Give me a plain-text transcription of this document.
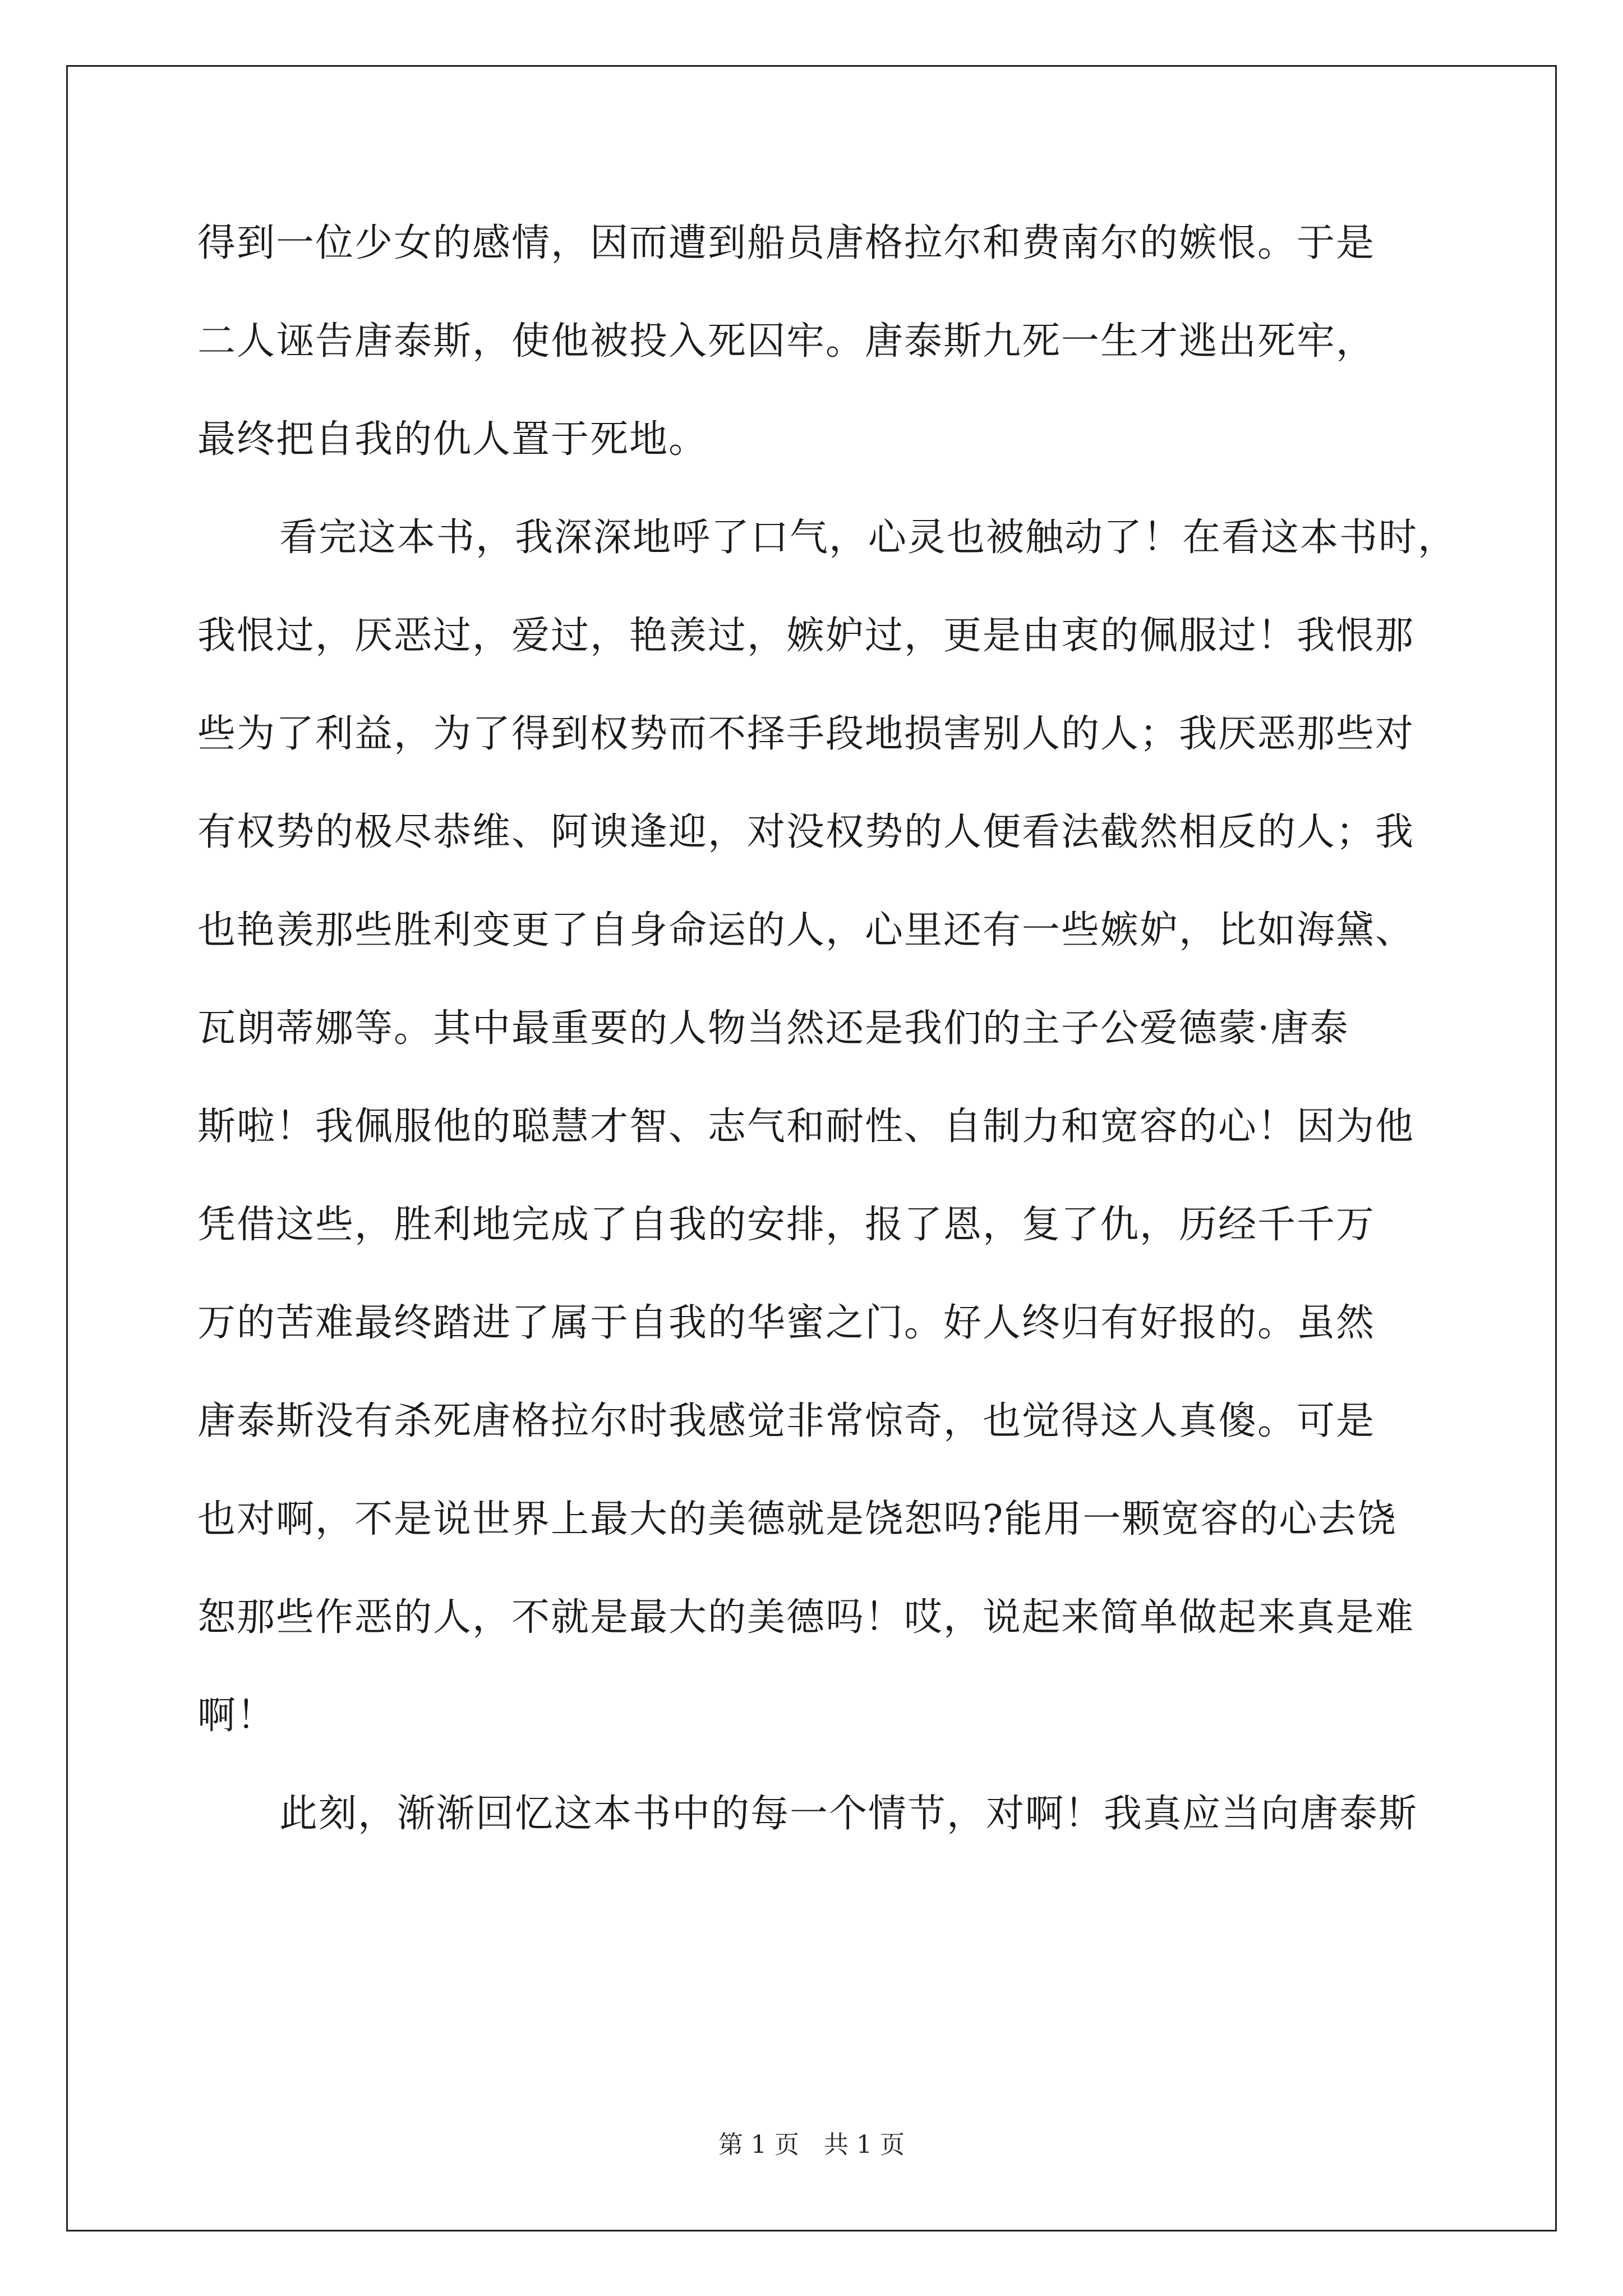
得到一位少女的感情，因而遭到船员唐格拉尔和费南尔的嫉恨。于是
二人诬告唐泰斯，使他被投入死囚牢。唐泰斯九死一生才逃出死牢，
最终把自我的仇人置于死地。
看完这本书，我深深地呼了口气，心灵也被触动了！在看这本书时，
我恨过，厌恶过，爱过，艳羡过，嫉妒过，更是由衷的佩服过！我恨那
些为了利益，为了得到权势而不择手段地损害别人的人；我厌恶那些对
有权势的极尽恭维、阿谀逢迎，对没权势的人便看法截然相反的人；我
也艳羡那些胜利变更了自身命运的人，心里还有一些嫉妒，比如海黛、
瓦朗蒂娜等。其中最重要的人物当然还是我们的主子公爱德蒙·唐泰
斯啦！我佩服他的聪慧才智、志气和耐性、自制力和宽容的心！因为他
凭借这些，胜利地完成了自我的安排，报了恩，复了仇，历经千千万
万的苦难最终踏进了属于自我的华蜜之门。好人终归有好报的。虽然
唐泰斯没有杀死唐格拉尔时我感觉非常惊奇，也觉得这人真傻。可是
也对啊，不是说世界上最大的美德就是饶恕吗?能用一颗宽容的心去饶
恕那些作恶的人，不就是最大的美德吗！哎，说起来简单做起来真是难
啊！
此刻，渐渐回忆这本书中的每一个情节，对啊！我真应当向唐泰斯
第 1 页　共 1 页
